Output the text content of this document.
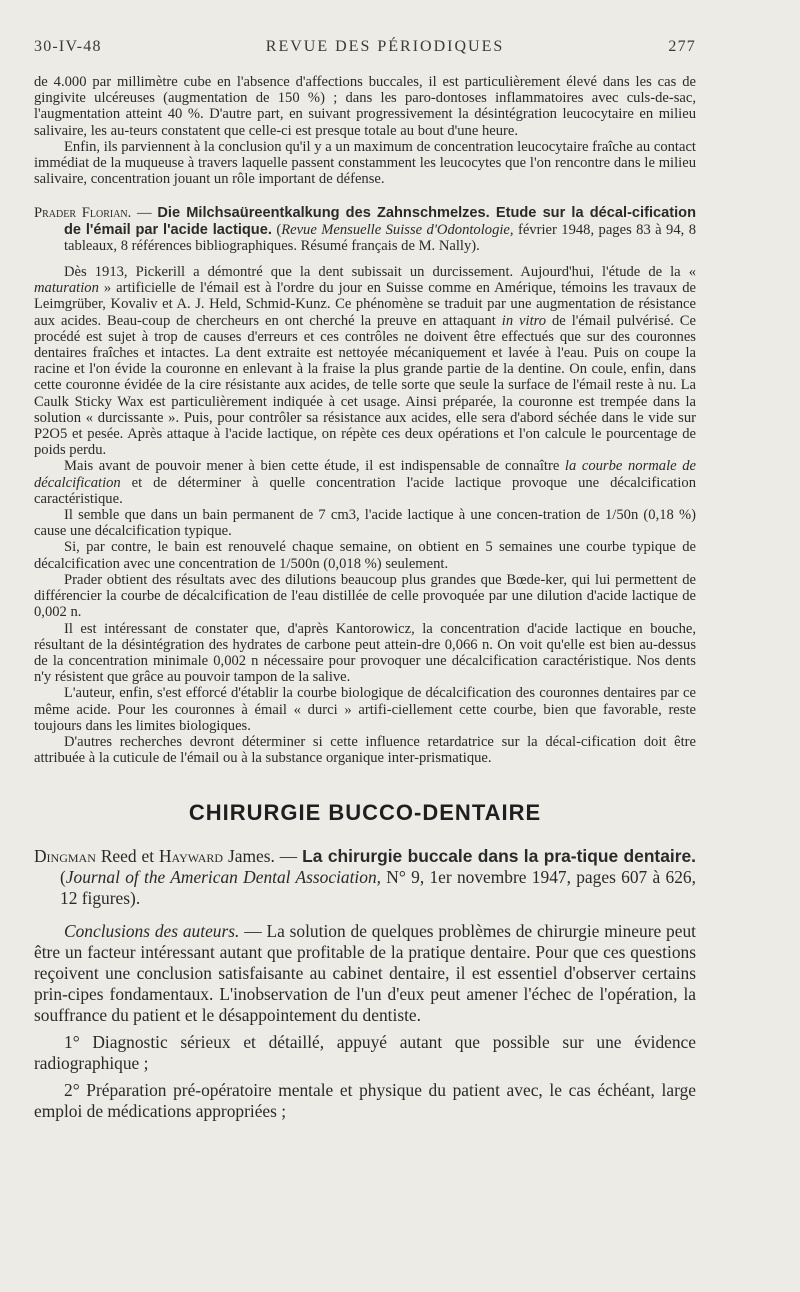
30-IV-48	REVUE DES PÉRIODIQUES	277

de 4.000 par millimètre cube en l'absence d'affections buccales, il est particulièrement élevé dans les cas de gingivite ulcéreuses (augmentation de 150 %) ; dans les paro-dontoses inflammatoires avec culs-de-sac, l'augmentation atteint 40 %. D'autre part, en suivant progressivement la désintégration leucocytaire en milieu salivaire, les au-teurs constatent que celle-ci est presque totale au bout d'une heure.

Enfin, ils parviennent à la conclusion qu'il y a un maximum de concentration leucocytaire fraîche au contact immédiat de la muqueuse à travers laquelle passent constamment les leucocytes que l'on rencontre dans le milieu salivaire, concentration jouant un rôle important de défense.

Prader Florian. — Die Milchsaüreentkalkung des Zahnschmelzes. Etude sur la décal-cification de l'émail par l'acide lactique. (Revue Mensuelle Suisse d'Odontologie, février 1948, pages 83 à 94, 8 tableaux, 8 références bibliographiques. Résumé français de M. Nally).

Dès 1913, Pickerill a démontré que la dent subissait un durcissement. Aujourd'hui, l'étude de la « maturation » artificielle de l'émail est à l'ordre du jour en Suisse comme en Amérique, témoins les travaux de Leimgrüber, Kovaliv et A. J. Held, Schmid-Kunz. Ce phénomène se traduit par une augmentation de résistance aux acides. Beau-coup de chercheurs en ont cherché la preuve en attaquant in vitro de l'émail pulvérisé. Ce procédé est sujet à trop de causes d'erreurs et ces contrôles ne doivent être effectués que sur des couronnes dentaires fraîches et intactes. La dent extraite est nettoyée mécaniquement et lavée à l'eau. Puis on coupe la racine et l'on évide la couronne en enlevant à la fraise la plus grande partie de la dentine. On coule, enfin, dans cette couronne évidée de la cire résistante aux acides, de telle sorte que seule la surface de l'émail reste à nu. La Caulk Sticky Wax est particulièrement indiquée à cet usage. Ainsi préparée, la couronne est trempée dans la solution « durcissante ». Puis, pour contrôler sa résistance aux acides, elle sera d'abord séchée dans le vide sur P2O5 et pesée. Après attaque à l'acide lactique, on répète ces deux opérations et l'on calcule le pourcentage de poids perdu.

Mais avant de pouvoir mener à bien cette étude, il est indispensable de connaître la courbe normale de décalcification et de déterminer à quelle concentration l'acide lactique provoque une décalcification caractéristique.

Il semble que dans un bain permanent de 7 cm3, l'acide lactique à une concen-tration de 1/50n (0,18 %) cause une décalcification typique.

Si, par contre, le bain est renouvelé chaque semaine, on obtient en 5 semaines une courbe typique de décalcification avec une concentration de 1/500n (0,018 %) seulement.

Prader obtient des résultats avec des dilutions beaucoup plus grandes que Bœde-ker, qui lui permettent de différencier la courbe de décalcification de l'eau distillée de celle provoquée par une dilution d'acide lactique de 0,002 n.

Il est intéressant de constater que, d'après Kantorowicz, la concentration d'acide lactique en bouche, résultant de la désintégration des hydrates de carbone peut attein-dre 0,066 n. On voit qu'elle est bien au-dessus de la concentration minimale 0,002 n nécessaire pour provoquer une décalcification caractéristique. Nos dents n'y résistent que grâce au pouvoir tampon de la salive.

L'auteur, enfin, s'est efforcé d'établir la courbe biologique de décalcification des couronnes dentaires par ce même acide. Pour les couronnes à émail « durci » artifi-ciellement cette courbe, bien que favorable, reste toujours dans les limites biologiques.

D'autres recherches devront déterminer si cette influence retardatrice sur la décal-cification doit être attribuée à la cuticule de l'émail ou à la substance organique inter-prismatique.

CHIRURGIE BUCCO-DENTAIRE

Dingman Reed et Hayward James. — La chirurgie buccale dans la pra-tique dentaire. (Journal of the American Dental Association, N° 9, 1er novembre 1947, pages 607 à 626, 12 figures).

Conclusions des auteurs. — La solution de quelques problèmes de chirurgie mineure peut être un facteur intéressant autant que profitable de la pratique dentaire. Pour que ces questions reçoivent une conclusion satisfaisante au cabinet dentaire, il est essentiel d'observer certains prin-cipes fondamentaux. L'inobservation de l'un d'eux peut amener l'échec de l'opération, la souffrance du patient et le désappointement du dentiste.

1° Diagnostic sérieux et détaillé, appuyé autant que possible sur une évidence radiographique ;

2° Préparation pré-opératoire mentale et physique du patient avec, le cas échéant, large emploi de médications appropriées ;
